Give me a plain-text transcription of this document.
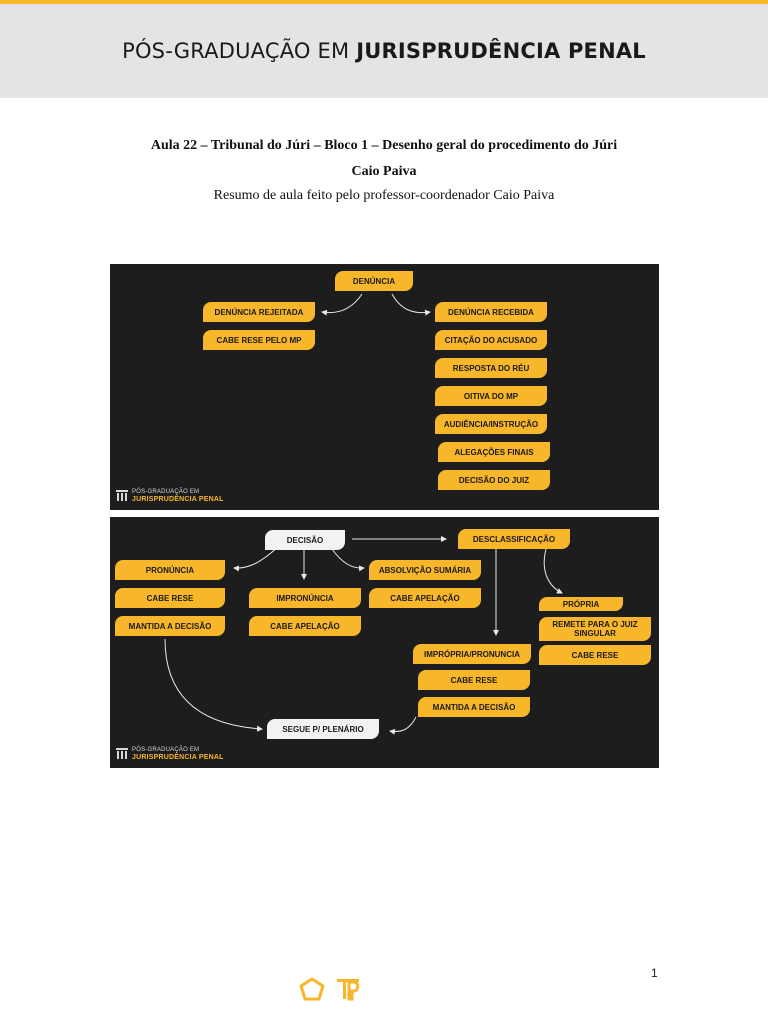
PÓS-GRADUAÇÃO EM JURISPRUDÊNCIA PENAL
Aula 22 – Tribunal do Júri – Bloco 1 – Desenho geral do procedimento do Júri
Caio Paiva
Resumo de aula feito pelo professor-coordenador Caio Paiva
DENÚNCIA
DENÚNCIA REJEITADA
CABE RESE PELO MP
DENÚNCIA RECEBIDA
CITAÇÃO DO ACUSADO
RESPOSTA DO RÉU
OITIVA DO MP
AUDIÊNCIA/INSTRUÇÃO
ALEGAÇÕES FINAIS
DECISÃO DO JUIZ
PÓS-GRADUAÇÃO EM
JURISPRUDÊNCIA PENAL
DECISÃO	DESCLASSIFICAÇÃO
PRONÚNCIA
CABE RESE
MANTIDA A DECISÃO
IMPRONÚNCIA
CABE APELAÇÃO
ABSOLVIÇÃO SUMÁRIA
CABE APELAÇÃO
PRÓPRIA
REMETE PARA O JUIZ SINGULAR
CABE RESE
IMPRÓPRIA/PRONUNCIA
CABE RESE
MANTIDA A DECISÃO
SEGUE P/ PLENÁRIO
PÓS-GRADUAÇÃO EM
JURISPRUDÊNCIA PENAL
1
